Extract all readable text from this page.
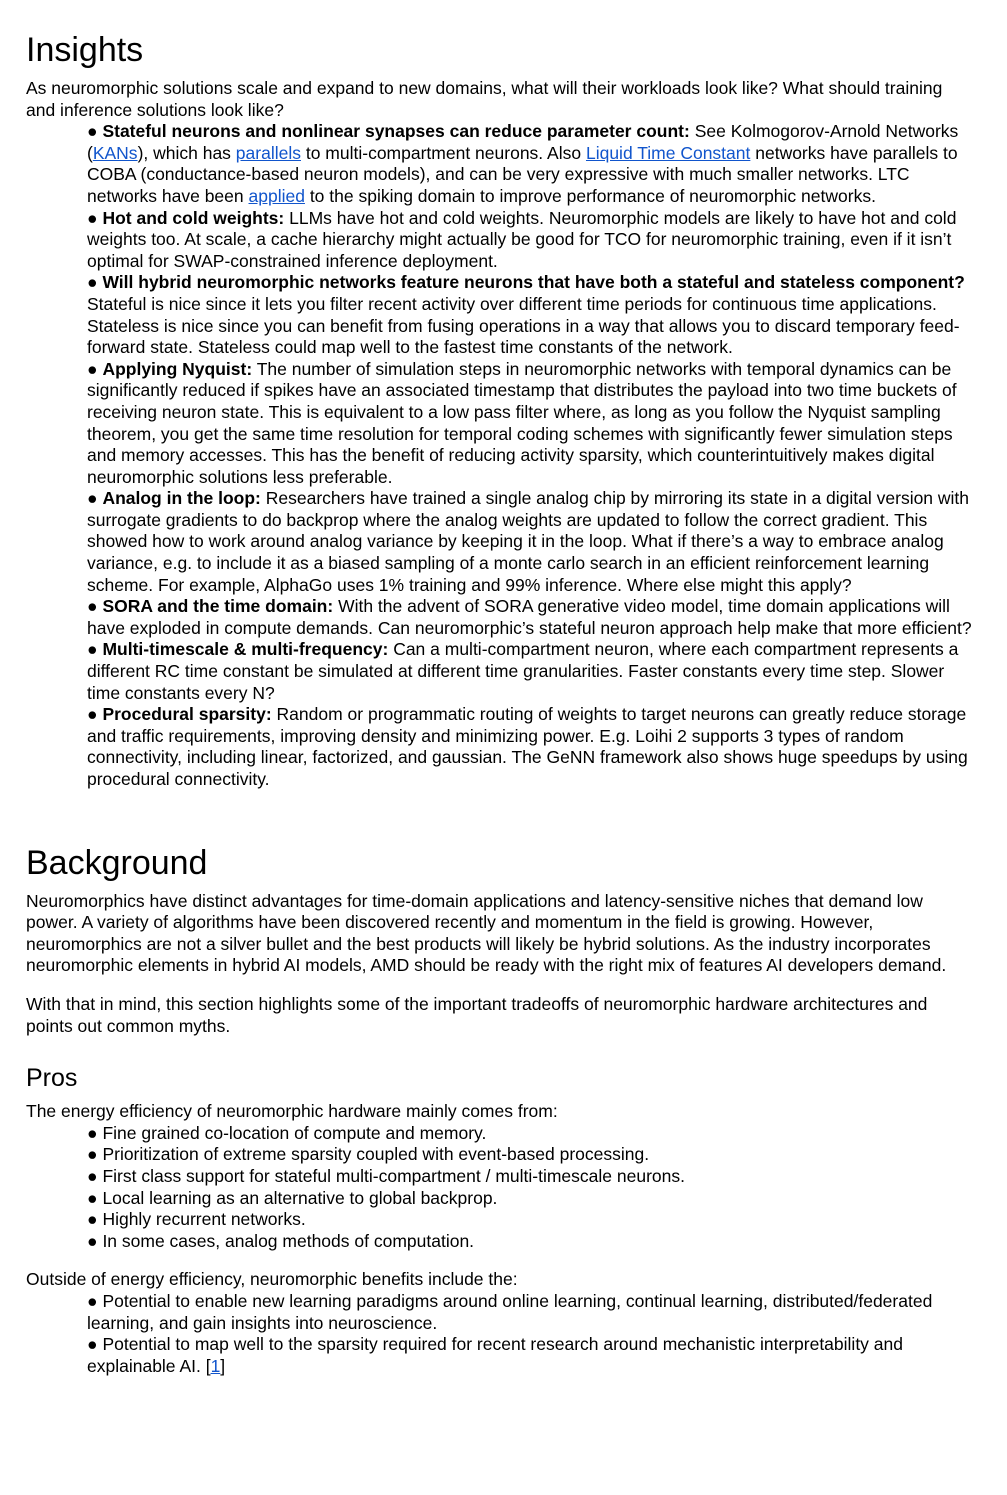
Insights

As neuromorphic solutions scale and expand to new domains, what will their workloads look like? What should training and inference solutions look like?

● Stateful neurons and nonlinear synapses can reduce parameter count: See Kolmogorov-Arnold Networks (KANs), which has parallels to multi-compartment neurons. Also Liquid Time Constant networks have parallels to COBA (conductance-based neuron models), and can be very expressive with much smaller networks. LTC networks have been applied to the spiking domain to improve performance of neuromorphic networks.
● Hot and cold weights: LLMs have hot and cold weights. Neuromorphic models are likely to have hot and cold weights too. At scale, a cache hierarchy might actually be good for TCO for neuromorphic training, even if it isn’t optimal for SWAP-constrained inference deployment.
● Will hybrid neuromorphic networks feature neurons that have both a stateful and stateless component? Stateful is nice since it lets you filter recent activity over different time periods for continuous time applications. Stateless is nice since you can benefit from fusing operations in a way that allows you to discard temporary feed-forward state. Stateless could map well to the fastest time constants of the network.
● Applying Nyquist: The number of simulation steps in neuromorphic networks with temporal dynamics can be significantly reduced if spikes have an associated timestamp that distributes the payload into two time buckets of receiving neuron state. This is equivalent to a low pass filter where, as long as you follow the Nyquist sampling theorem, you get the same time resolution for temporal coding schemes with significantly fewer simulation steps and memory accesses. This has the benefit of reducing activity sparsity, which counterintuitively makes digital neuromorphic solutions less preferable.
● Analog in the loop: Researchers have trained a single analog chip by mirroring its state in a digital version with surrogate gradients to do backprop where the analog weights are updated to follow the correct gradient. This showed how to work around analog variance by keeping it in the loop. What if there’s a way to embrace analog variance, e.g. to include it as a biased sampling of a monte carlo search in an efficient reinforcement learning scheme. For example, AlphaGo uses 1% training and 99% inference. Where else might this apply?
● SORA and the time domain: With the advent of SORA generative video model, time domain applications will have exploded in compute demands. Can neuromorphic’s stateful neuron approach help make that more efficient?
● Multi-timescale & multi-frequency: Can a multi-compartment neuron, where each compartment represents a different RC time constant be simulated at different time granularities. Faster constants every time step. Slower time constants every N?
● Procedural sparsity: Random or programmatic routing of weights to target neurons can greatly reduce storage and traffic requirements, improving density and minimizing power. E.g. Loihi 2 supports 3 types of random connectivity, including linear, factorized, and gaussian. The GeNN framework also shows huge speedups by using procedural connectivity.
Background

Neuromorphics have distinct advantages for time-domain applications and latency-sensitive niches that demand low power. A variety of algorithms have been discovered recently and momentum in the field is growing. However, neuromorphics are not a silver bullet and the best products will likely be hybrid solutions. As the industry incorporates neuromorphic elements in hybrid AI models, AMD should be ready with the right mix of features AI developers demand.

With that in mind, this section highlights some of the important tradeoffs of neuromorphic hardware architectures and points out common myths.

Pros

The energy efficiency of neuromorphic hardware mainly comes from:

● Fine grained co-location of compute and memory.
● Prioritization of extreme sparsity coupled with event-based processing.
● First class support for stateful multi-compartment / multi-timescale neurons.
● Local learning as an alternative to global backprop.
● Highly recurrent networks.
● In some cases, analog methods of computation.

Outside of energy efficiency, neuromorphic benefits include the:

● Potential to enable new learning paradigms around online learning, continual learning, distributed/federated learning, and gain insights into neuroscience.
● Potential to map well to the sparsity required for recent research around mechanistic interpretability and explainable AI. [1]
